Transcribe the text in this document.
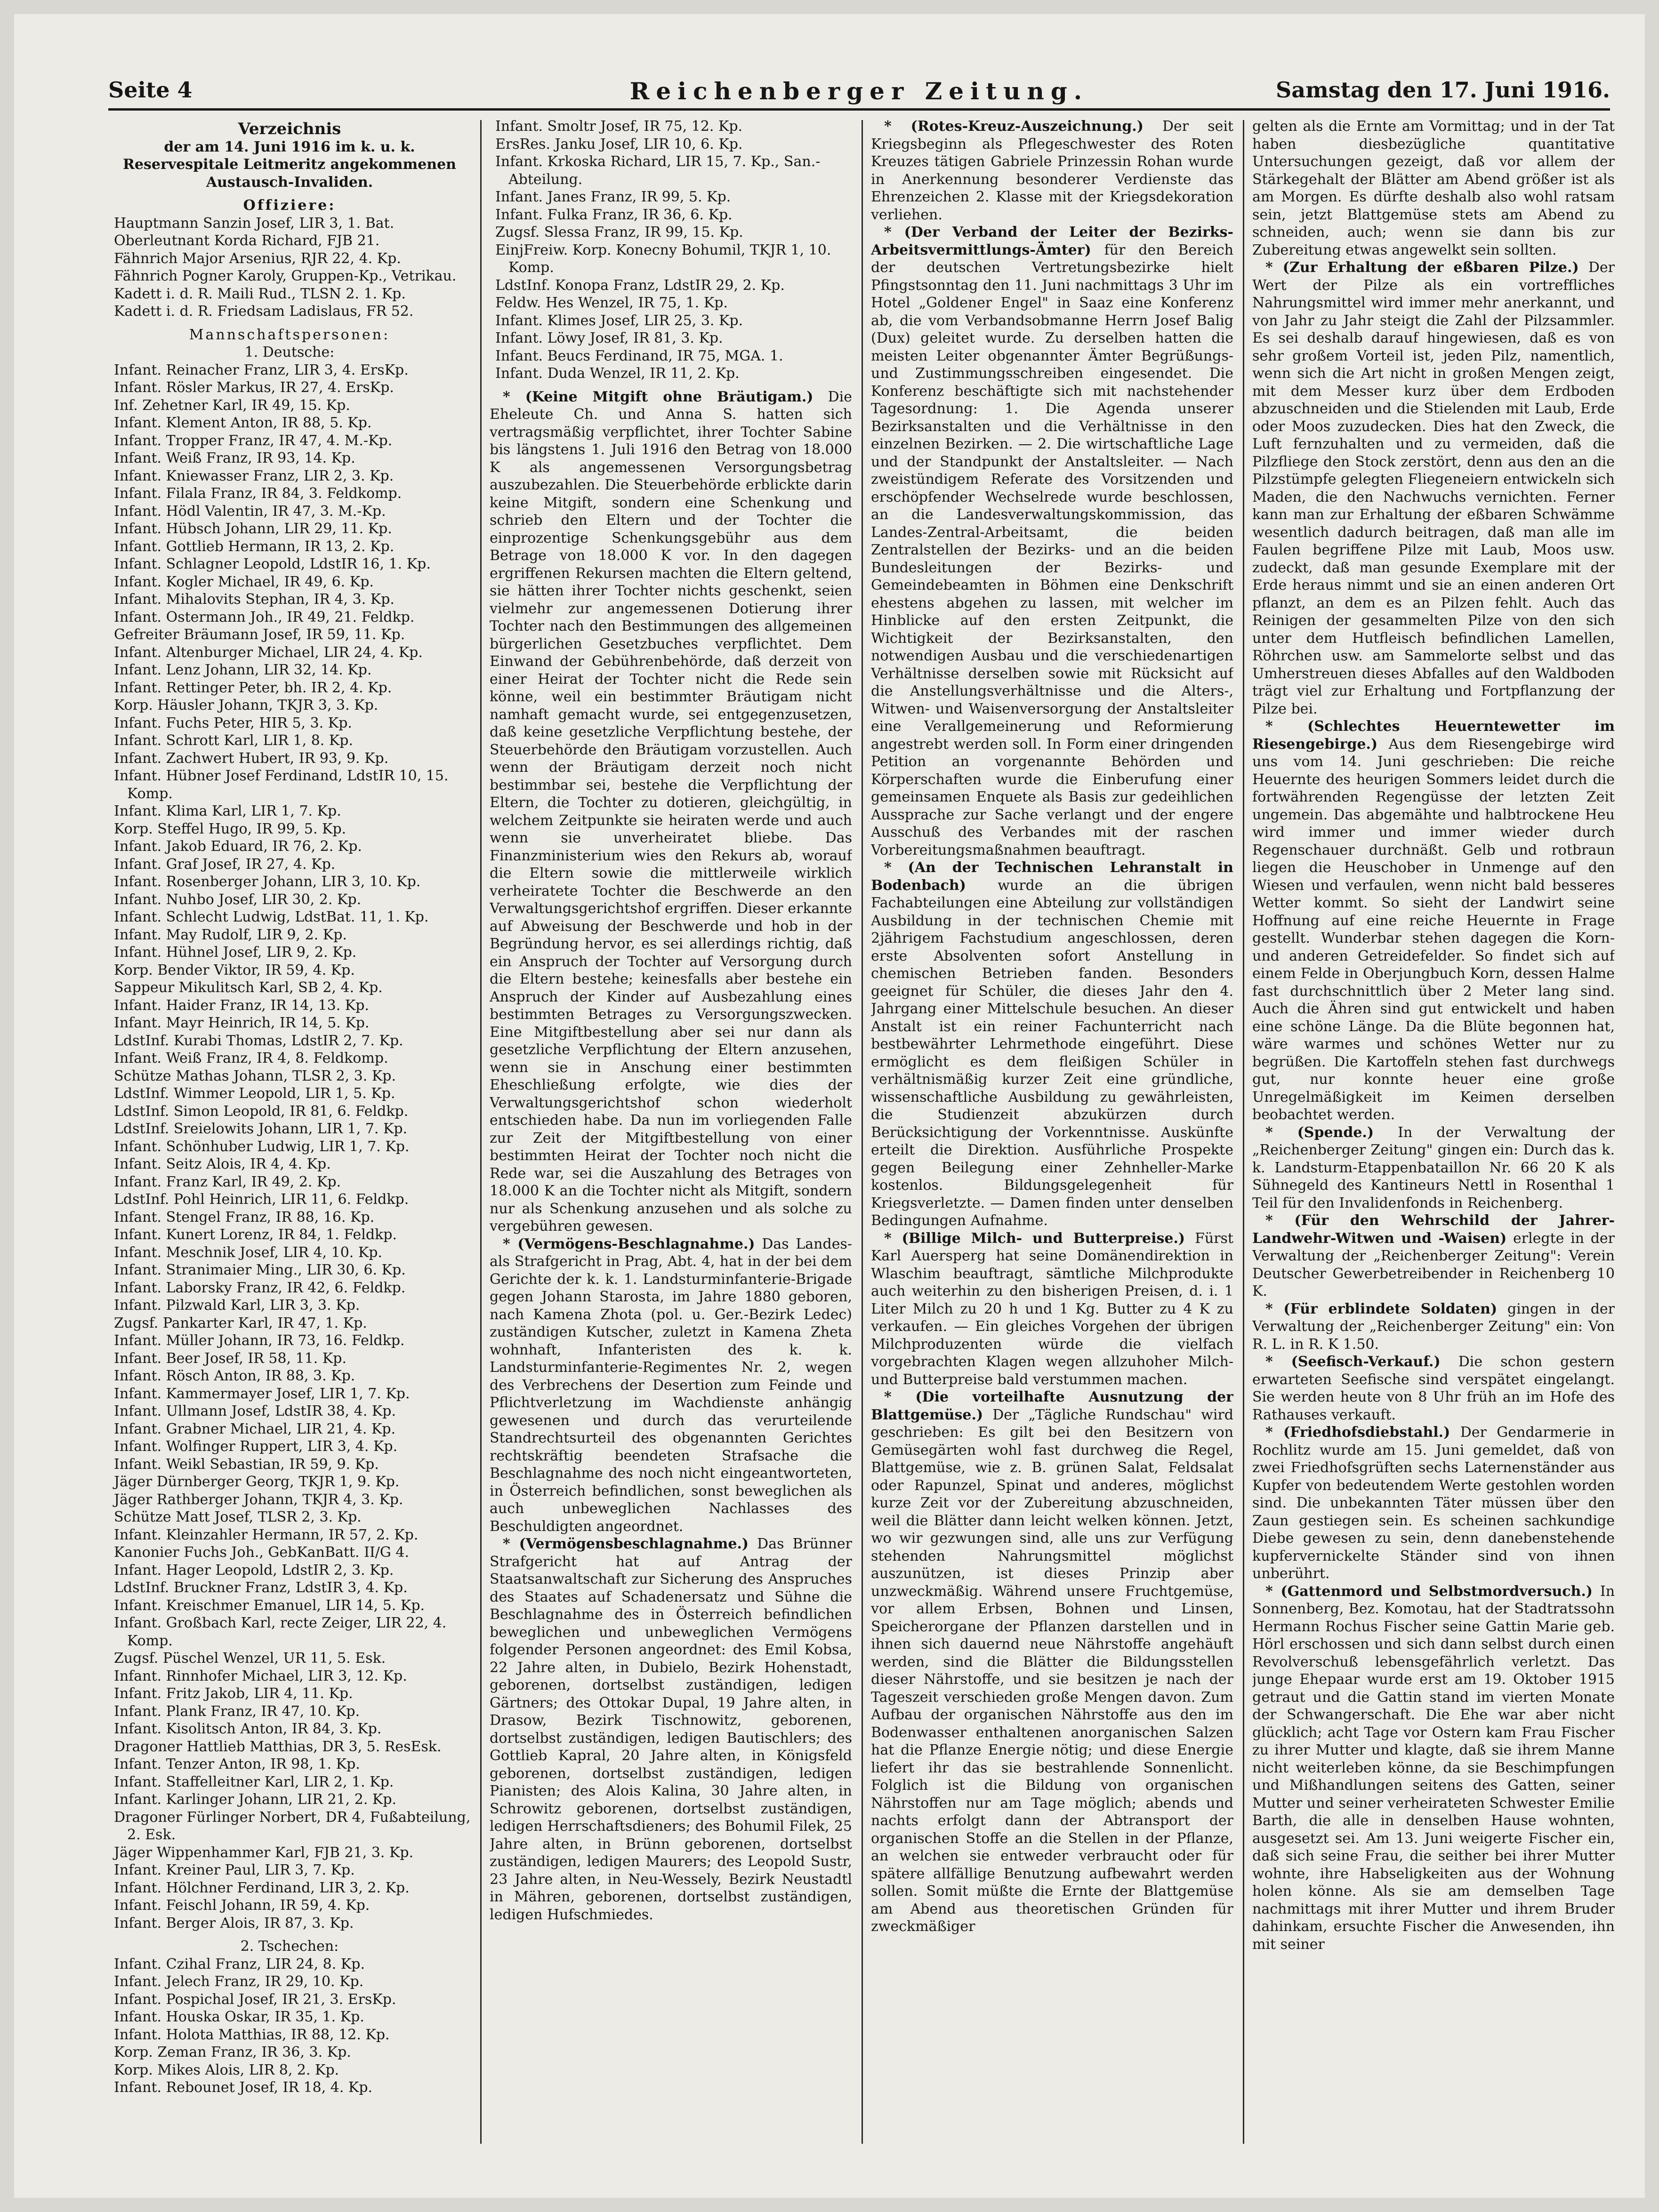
Reichenberger Zeitung.
Seite 4	Samstag den 17. Juni 1916.

Verzeichnis

der am 14. Juni 1916 im k. u. k. Reservespitale Leitmeritz angekommenen Austausch-Invaliden.

Offiziere:

Hauptmann Sanzin Josef, LIR 3, 1. Bat.
Oberleutnant Korda Richard, FJB 21.
Fähnrich Major Arsenius, RJR 22, 4. Kp.
Fähnrich Pogner Karoly, Gruppen-Kp., Vetrikau.
Kadett i. d. R. Maili Rud., TLSN 2. 1. Kp.
Kadett i. d. R. Friedsam Ladislaus, FR 52.

Mannschaftspersonen:

1. Deutsche:

Infant. Reinacher Franz, LIR 3, 4. ErsKp.
Infant. Rösler Markus, IR 27, 4. ErsKp.
Inf. Zehetner Karl, IR 49, 15. Kp.
Infant. Klement Anton, IR 88, 5. Kp.
Infant. Tropper Franz, IR 47, 4. M.-Kp.
Infant. Weiß Franz, IR 93, 14. Kp.
Infant. Kniewasser Franz, LIR 2, 3. Kp.
Infant. Filala Franz, IR 84, 3. Feldkomp.
Infant. Hödl Valentin, IR 47, 3. M.-Kp.
Infant. Hübsch Johann, LIR 29, 11. Kp.
Infant. Gottlieb Hermann, IR 13, 2. Kp.
Infant. Schlagner Leopold, LdstIR 16, 1. Kp.
Infant. Kogler Michael, IR 49, 6. Kp.
Infant. Mihalovits Stephan, IR 4, 3. Kp.
Infant. Ostermann Joh., IR 49, 21. Feldkp.
Gefreiter Bräumann Josef, IR 59, 11. Kp.
Infant. Altenburger Michael, LIR 24, 4. Kp.
Infant. Lenz Johann, LIR 32, 14. Kp.
Infant. Rettinger Peter, bh. IR 2, 4. Kp.
Korp. Häusler Johann, TKJR 3, 3. Kp.
Infant. Fuchs Peter, HIR 5, 3. Kp.
Infant. Schrott Karl, LIR 1, 8. Kp.
Infant. Zachwert Hubert, IR 93, 9. Kp.
Infant. Hübner Josef Ferdinand, LdstIR 10, 15. Komp.
Infant. Klima Karl, LIR 1, 7. Kp.
Korp. Steffel Hugo, IR 99, 5. Kp.
Infant. Jakob Eduard, IR 76, 2. Kp.
Infant. Graf Josef, IR 27, 4. Kp.
Infant. Rosenberger Johann, LIR 3, 10. Kp.
Infant. Nuhbo Josef, LIR 30, 2. Kp.
Infant. Schlecht Ludwig, LdstBat. 11, 1. Kp.
Infant. May Rudolf, LIR 9, 2. Kp.
Infant. Hühnel Josef, LIR 9, 2. Kp.
Korp. Bender Viktor, IR 59, 4. Kp.
Sappeur Mikulitsch Karl, SB 2, 4. Kp.
Infant. Haider Franz, IR 14, 13. Kp.
Infant. Mayr Heinrich, IR 14, 5. Kp.
LdstInf. Kurabi Thomas, LdstIR 2, 7. Kp.
Infant. Weiß Franz, IR 4, 8. Feldkomp.
Schütze Mathas Johann, TLSR 2, 3. Kp.
LdstInf. Wimmer Leopold, LIR 1, 5. Kp.
LdstInf. Simon Leopold, IR 81, 6. Feldkp.
LdstInf. Sreielowits Johann, LIR 1, 7. Kp.
Infant. Schönhuber Ludwig, LIR 1, 7. Kp.
Infant. Seitz Alois, IR 4, 4. Kp.
Infant. Franz Karl, IR 49, 2. Kp.
LdstInf. Pohl Heinrich, LIR 11, 6. Feldkp.
Infant. Stengel Franz, IR 88, 16. Kp.
Infant. Kunert Lorenz, IR 84, 1. Feldkp.
Infant. Meschnik Josef, LIR 4, 10. Kp.
Infant. Stranimaier Ming., LIR 30, 6. Kp.
Infant. Laborsky Franz, IR 42, 6. Feldkp.
Infant. Pilzwald Karl, LIR 3, 3. Kp.
Zugsf. Pankarter Karl, IR 47, 1. Kp.
Infant. Müller Johann, IR 73, 16. Feldkp.
Infant. Beer Josef, IR 58, 11. Kp.
Infant. Rösch Anton, IR 88, 3. Kp.
Infant. Kammermayer Josef, LIR 1, 7. Kp.
Infant. Ullmann Josef, LdstIR 38, 4. Kp.
Infant. Grabner Michael, LIR 21, 4. Kp.
Infant. Wolfinger Ruppert, LIR 3, 4. Kp.
Infant. Weikl Sebastian, IR 59, 9. Kp.
Jäger Dürnberger Georg, TKJR 1, 9. Kp.
Jäger Rathberger Johann, TKJR 4, 3. Kp.
Schütze Matt Josef, TLSR 2, 3. Kp.
Infant. Kleinzahler Hermann, IR 57, 2. Kp.
Kanonier Fuchs Joh., GebKanBatt. II/G 4.
Infant. Hager Leopold, LdstIR 2, 3. Kp.
LdstInf. Bruckner Franz, LdstIR 3, 4. Kp.
Infant. Kreischmer Emanuel, LIR 14, 5. Kp.
Infant. Großbach Karl, recte Zeiger, LIR 22, 4. Komp.
Zugsf. Püschel Wenzel, UR 11, 5. Esk.
Infant. Rinnhofer Michael, LIR 3, 12. Kp.
Infant. Fritz Jakob, LIR 4, 11. Kp.
Infant. Plank Franz, IR 47, 10. Kp.
Infant. Kisolitsch Anton, IR 84, 3. Kp.
Dragoner Hattlieb Matthias, DR 3, 5. ResEsk.
Infant. Tenzer Anton, IR 98, 1. Kp.
Infant. Staffelleitner Karl, LIR 2, 1. Kp.
Infant. Karlinger Johann, LIR 21, 2. Kp.
Dragoner Fürlinger Norbert, DR 4, Fußabteilung, 2. Esk.
Jäger Wippenhammer Karl, FJB 21, 3. Kp.
Infant. Kreiner Paul, LIR 3, 7. Kp.
Infant. Hölchner Ferdinand, LIR 3, 2. Kp.
Infant. Feischl Johann, IR 59, 4. Kp.
Infant. Berger Alois, IR 87, 3. Kp.

2. Tschechen:

Infant. Czihal Franz, LIR 24, 8. Kp.
Infant. Jelech Franz, IR 29, 10. Kp.
Infant. Pospichal Josef, IR 21, 3. ErsKp.
Infant. Houska Oskar, IR 35, 1. Kp.
Infant. Holota Matthias, IR 88, 12. Kp.
Korp. Zeman Franz, IR 36, 3. Kp.
Korp. Mikes Alois, LIR 8, 2. Kp.
Infant. Rebounet Josef, IR 18, 4. Kp.
Infant. Smoltr Josef, IR 75, 12. Kp.
ErsRes. Janku Josef, LIR 10, 6. Kp.
Infant. Krkoska Richard, LIR 15, 7. Kp., San.-Abteilung.
Infant. Janes Franz, IR 99, 5. Kp.
Infant. Fulka Franz, IR 36, 6. Kp.
Zugsf. Slessa Franz, IR 99, 15. Kp.
EinjFreiw. Korp. Konecny Bohumil, TKJR 1, 10. Komp.
LdstInf. Konopa Franz, LdstIR 29, 2. Kp.
Feldw. Hes Wenzel, IR 75, 1. Kp.
Infant. Klimes Josef, LIR 25, 3. Kp.
Infant. Löwy Josef, IR 81, 3. Kp.
Infant. Beucs Ferdinand, IR 75, MGA. 1.
Infant. Duda Wenzel, IR 11, 2. Kp.

* (Keine Mitgift ohne Bräutigam.) Die Eheleute Ch. und Anna S. hatten sich vertragsmäßig verpflichtet, ihrer Tochter Sabine bis längstens 1. Juli 1916 den Betrag von 18.000 K als angemessenen Versorgungsbetrag auszubezahlen. Die Steuerbehörde erblickte darin keine Mitgift, sondern eine Schenkung und schrieb den Eltern und der Tochter die einprozentige Schenkungsgebühr aus dem Betrage von 18.000 K vor. In den dagegen ergriffenen Rekursen machten die Eltern geltend, sie hätten ihrer Tochter nichts geschenkt, seien vielmehr zur angemessenen Dotierung ihrer Tochter nach den Bestimmungen des allgemeinen bürgerlichen Gesetzbuches verpflichtet. Dem Einwand der Gebührenbehörde, daß derzeit von einer Heirat der Tochter nicht die Rede sein könne, weil ein bestimmter Bräutigam nicht namhaft gemacht wurde, sei entgegenzusetzen, daß keine gesetzliche Verpflichtung bestehe, der Steuerbehörde den Bräutigam vorzustellen. Auch wenn der Bräutigam derzeit noch nicht bestimmbar sei, bestehe die Verpflichtung der Eltern, die Tochter zu dotieren, gleichgültig, in welchem Zeitpunkte sie heiraten werde und auch wenn sie unverheiratet bliebe. Das Finanzministerium wies den Rekurs ab, worauf die Eltern sowie die mittlerweile wirklich verheiratete Tochter die Beschwerde an den Verwaltungsgerichtshof ergriffen. Dieser erkannte auf Abweisung der Beschwerde und hob in der Begründung hervor, es sei allerdings richtig, daß ein Anspruch der Tochter auf Versorgung durch die Eltern bestehe; keinesfalls aber bestehe ein Anspruch der Kinder auf Ausbezahlung eines bestimmten Betrages zu Versorgungszwecken. Eine Mitgiftbestellung aber sei nur dann als gesetzliche Verpflichtung der Eltern anzusehen, wenn sie in Anschung einer bestimmten Eheschließung erfolgte, wie dies der Verwaltungsgerichtshof schon wiederholt entschieden habe. Da nun im vorliegenden Falle zur Zeit der Mitgiftbestellung von einer bestimmten Heirat der Tochter noch nicht die Rede war, sei die Auszahlung des Betrages von 18.000 K an die Tochter nicht als Mitgift, sondern nur als Schenkung anzusehen und als solche zu vergebühren gewesen.

* (Vermögens-Beschlagnahme.) Das Landes- als Strafgericht in Prag, Abt. 4, hat in der bei dem Gerichte der k. k. 1. Landsturminfanterie-Brigade gegen Johann Starosta, im Jahre 1880 geboren, nach Kamena Zhota (pol. u. Ger.-Bezirk Ledec) zuständigen Kutscher, zuletzt in Kamena Zheta wohnhaft, Infanteristen des k. k. Landsturminfanterie-Regimentes Nr. 2, wegen des Verbrechens der Desertion zum Feinde und Pflichtverletzung im Wachdienste anhängig gewesenen und durch das verurteilende Standrechtsurteil des obgenannten Gerichtes rechtskräftig beendeten Strafsache die Beschlagnahme des noch nicht eingeantworteten, in Österreich befindlichen, sonst beweglichen als auch unbeweglichen Nachlasses des Beschuldigten angeordnet.

* (Vermögensbeschlagnahme.) Das Brünner Strafgericht hat auf Antrag der Staatsanwaltschaft zur Sicherung des Anspruches des Staates auf Schadenersatz und Sühne die Beschlagnahme des in Österreich befindlichen beweglichen und unbeweglichen Vermögens folgender Personen angeordnet: des Emil Kobsa, 22 Jahre alten, in Dubielo, Bezirk Hohenstadt, geborenen, dortselbst zuständigen, ledigen Gärtners; des Ottokar Dupal, 19 Jahre alten, in Drasow, Bezirk Tischnowitz, geborenen, dortselbst zuständigen, ledigen Bautischlers; des Gottlieb Kapral, 20 Jahre alten, in Königsfeld geborenen, dortselbst zuständigen, ledigen Pianisten; des Alois Kalina, 30 Jahre alten, in Schrowitz geborenen, dortselbst zuständigen, ledigen Herrschaftsdieners; des Bohumil Filek, 25 Jahre alten, in Brünn geborenen, dortselbst zuständigen, ledigen Maurers; des Leopold Sustr, 23 Jahre alten, in Neu-Wessely, Bezirk Neustadtl in Mähren, geborenen, dortselbst zuständigen, ledigen Hufschmiedes.

* (Rotes-Kreuz-Auszeichnung.) Der seit Kriegsbeginn als Pflegeschwester des Roten Kreuzes tätigen Gabriele Prinzessin Rohan wurde in Anerkennung besonderer Verdienste das Ehrenzeichen 2. Klasse mit der Kriegsdekoration verliehen.

* (Der Verband der Leiter der Bezirks-Arbeitsvermittlungs-Ämter) für den Bereich der deutschen Vertretungsbezirke hielt Pfingstsonntag den 11. Juni nachmittags 3 Uhr im Hotel „Goldener Engel" in Saaz eine Konferenz ab, die vom Verbandsobmanne Herrn Josef Balig (Dux) geleitet wurde. Zu derselben hatten die meisten Leiter obgenannter Ämter Begrüßungs- und Zustimmungsschreiben eingesendet. Die Konferenz beschäftigte sich mit nachstehender Tagesordnung: 1. Die Agenda unserer Bezirksanstalten und die Verhältnisse in den einzelnen Bezirken. — 2. Die wirtschaftliche Lage und der Standpunkt der Anstaltsleiter. — Nach zweistündigem Referate des Vorsitzenden und erschöpfender Wechselrede wurde beschlossen, an die Landesverwaltungskommission, das Landes-Zentral-Arbeitsamt, die beiden Zentralstellen der Bezirks- und an die beiden Bundesleitungen der Bezirks- und Gemeindebeamten in Böhmen eine Denkschrift ehestens abgehen zu lassen, mit welcher im Hinblicke auf den ersten Zeitpunkt, die Wichtigkeit der Bezirksanstalten, den notwendigen Ausbau und die verschiedenartigen Verhältnisse derselben sowie mit Rücksicht auf die Anstellungsverhältnisse und die Alters-, Witwen- und Waisenversorgung der Anstaltsleiter eine Verallgemeinerung und Reformierung angestrebt werden soll. In Form einer dringenden Petition an vorgenannte Behörden und Körperschaften wurde die Einberufung einer gemeinsamen Enquete als Basis zur gedeihlichen Aussprache zur Sache verlangt und der engere Ausschuß des Verbandes mit der raschen Vorbereitungsmaßnahmen beauftragt.

* (An der Technischen Lehranstalt in Bodenbach) wurde an die übrigen Fachabteilungen eine Abteilung zur vollständigen Ausbildung in der technischen Chemie mit 2jährigem Fachstudium angeschlossen, deren erste Absolventen sofort Anstellung in chemischen Betrieben fanden. Besonders geeignet für Schüler, die dieses Jahr den 4. Jahrgang einer Mittelschule besuchen. An dieser Anstalt ist ein reiner Fachunterricht nach bestbewährter Lehrmethode eingeführt. Diese ermöglicht es dem fleißigen Schüler in verhältnismäßig kurzer Zeit eine gründliche, wissenschaftliche Ausbildung zu gewährleisten, die Studienzeit abzukürzen durch Berücksichtigung der Vorkenntnisse. Auskünfte erteilt die Direktion. Ausführliche Prospekte gegen Beilegung einer Zehnheller-Marke kostenlos. Bildungsgelegenheit für Kriegsverletzte. — Damen finden unter denselben Bedingungen Aufnahme.

* (Billige Milch- und Butterpreise.) Fürst Karl Auersperg hat seine Domänendirektion in Wlaschim beauftragt, sämtliche Milchprodukte auch weiterhin zu den bisherigen Preisen, d. i. 1 Liter Milch zu 20 h und 1 Kg. Butter zu 4 K zu verkaufen. — Ein gleiches Vorgehen der übrigen Milchproduzenten würde die vielfach vorgebrachten Klagen wegen allzuhoher Milch- und Butterpreise bald verstummen machen.

* (Die vorteilhafte Ausnutzung der Blattgemüse.) Der „Tägliche Rundschau" wird geschrieben: Es gilt bei den Besitzern von Gemüsegärten wohl fast durchweg die Regel, Blattgemüse, wie z. B. grünen Salat, Feldsalat oder Rapunzel, Spinat und anderes, möglichst kurze Zeit vor der Zubereitung abzuschneiden, weil die Blätter dann leicht welken können. Jetzt, wo wir gezwungen sind, alle uns zur Verfügung stehenden Nahrungsmittel möglichst auszunützen, ist dieses Prinzip aber unzweckmäßig. Während unsere Fruchtgemüse, vor allem Erbsen, Bohnen und Linsen, Speicherorgane der Pflanzen darstellen und in ihnen sich dauernd neue Nährstoffe angehäuft werden, sind die Blätter die Bildungsstellen dieser Nährstoffe, und sie besitzen je nach der Tageszeit verschieden große Mengen davon. Zum Aufbau der organischen Nährstoffe aus den im Bodenwasser enthaltenen anorganischen Salzen hat die Pflanze Energie nötig; und diese Energie liefert ihr das sie bestrahlende Sonnenlicht. Folglich ist die Bildung von organischen Nährstoffen nur am Tage möglich; abends und nachts erfolgt dann der Abtransport der organischen Stoffe an die Stellen in der Pflanze, an welchen sie entweder verbraucht oder für spätere allfällige Benutzung aufbewahrt werden sollen. Somit müßte die Ernte der Blattgemüse am Abend aus theoretischen Gründen für zweckmäßiger

gelten als die Ernte am Vormittag; und in der Tat haben diesbezügliche quantitative Untersuchungen gezeigt, daß vor allem der Stärkegehalt der Blätter am Abend größer ist als am Morgen. Es dürfte deshalb also wohl ratsam sein, jetzt Blattgemüse stets am Abend zu schneiden, auch; wenn sie dann bis zur Zubereitung etwas angewelkt sein sollten.

* (Zur Erhaltung der eßbaren Pilze.) Der Wert der Pilze als ein vortreffliches Nahrungsmittel wird immer mehr anerkannt, und von Jahr zu Jahr steigt die Zahl der Pilzsammler. Es sei deshalb darauf hingewiesen, daß es von sehr großem Vorteil ist, jeden Pilz, namentlich, wenn sich die Art nicht in großen Mengen zeigt, mit dem Messer kurz über dem Erdboden abzuschneiden und die Stielenden mit Laub, Erde oder Moos zuzudecken. Dies hat den Zweck, die Luft fernzuhalten und zu vermeiden, daß die Pilzfliege den Stock zerstört, denn aus den an die Pilzstümpfe gelegten Fliegeneiern entwickeln sich Maden, die den Nachwuchs vernichten. Ferner kann man zur Erhaltung der eßbaren Schwämme wesentlich dadurch beitragen, daß man alle im Faulen begriffene Pilze mit Laub, Moos usw. zudeckt, daß man gesunde Exemplare mit der Erde heraus nimmt und sie an einen anderen Ort pflanzt, an dem es an Pilzen fehlt. Auch das Reinigen der gesammelten Pilze von den sich unter dem Hutfleisch befindlichen Lamellen, Röhrchen usw. am Sammelorte selbst und das Umherstreuen dieses Abfalles auf den Waldboden trägt viel zur Erhaltung und Fortpflanzung der Pilze bei.

* (Schlechtes Heuerntewetter im Riesengebirge.) Aus dem Riesengebirge wird uns vom 14. Juni geschrieben: Die reiche Heuernte des heurigen Sommers leidet durch die fortwährenden Regengüsse der letzten Zeit ungemein. Das abgemähte und halbtrockene Heu wird immer und immer wieder durch Regenschauer durchnäßt. Gelb und rotbraun liegen die Heuschober in Unmenge auf den Wiesen und verfaulen, wenn nicht bald besseres Wetter kommt. So sieht der Landwirt seine Hoffnung auf eine reiche Heuernte in Frage gestellt. Wunderbar stehen dagegen die Korn- und anderen Getreidefelder. So findet sich auf einem Felde in Oberjungbuch Korn, dessen Halme fast durchschnittlich über 2 Meter lang sind. Auch die Ähren sind gut entwickelt und haben eine schöne Länge. Da die Blüte begonnen hat, wäre warmes und schönes Wetter nur zu begrüßen. Die Kartoffeln stehen fast durchwegs gut, nur konnte heuer eine große Unregelmäßigkeit im Keimen derselben beobachtet werden.

* (Spende.) In der Verwaltung der „Reichenberger Zeitung" gingen ein: Durch das k. k. Landsturm-Etappenbataillon Nr. 66 20 K als Sühnegeld des Kantineurs Nettl in Rosenthal 1 Teil für den Invalidenfonds in Reichenberg.

* (Für den Wehrschild der Jahrer-Landwehr-Witwen und -Waisen) erlegte in der Verwaltung der „Reichenberger Zeitung": Verein Deutscher Gewerbetreibender in Reichenberg 10 K.

* (Für erblindete Soldaten) gingen in der Verwaltung der „Reichenberger Zeitung" ein: Von R. L. in R. K 1.50.

* (Seefisch-Verkauf.) Die schon gestern erwarteten Seefische sind verspätet eingelangt. Sie werden heute von 8 Uhr früh an im Hofe des Rathauses verkauft.

* (Friedhofsdiebstahl.) Der Gendarmerie in Rochlitz wurde am 15. Juni gemeldet, daß von zwei Friedhofsgrüften sechs Laternenständer aus Kupfer von bedeutendem Werte gestohlen worden sind. Die unbekannten Täter müssen über den Zaun gestiegen sein. Es scheinen sachkundige Diebe gewesen zu sein, denn danebenstehende kupfervernickelte Ständer sind von ihnen unberührt.

* (Gattenmord und Selbstmordversuch.) In Sonnenberg, Bez. Komotau, hat der Stadtratssohn Hermann Rochus Fischer seine Gattin Marie geb. Hörl erschossen und sich dann selbst durch einen Revolverschuß lebensgefährlich verletzt. Das junge Ehepaar wurde erst am 19. Oktober 1915 getraut und die Gattin stand im vierten Monate der Schwangerschaft. Die Ehe war aber nicht glücklich; acht Tage vor Ostern kam Frau Fischer zu ihrer Mutter und klagte, daß sie ihrem Manne nicht weiterleben könne, da sie Beschimpfungen und Mißhandlungen seitens des Gatten, seiner Mutter und seiner verheirateten Schwester Emilie Barth, die alle in denselben Hause wohnten, ausgesetzt sei. Am 13. Juni weigerte Fischer ein, daß sich seine Frau, die seither bei ihrer Mutter wohnte, ihre Habseligkeiten aus der Wohnung holen könne. Als sie am demselben Tage nachmittags mit ihrer Mutter und ihrem Bruder dahinkam, ersuchte Fischer die Anwesenden, ihn mit seiner
